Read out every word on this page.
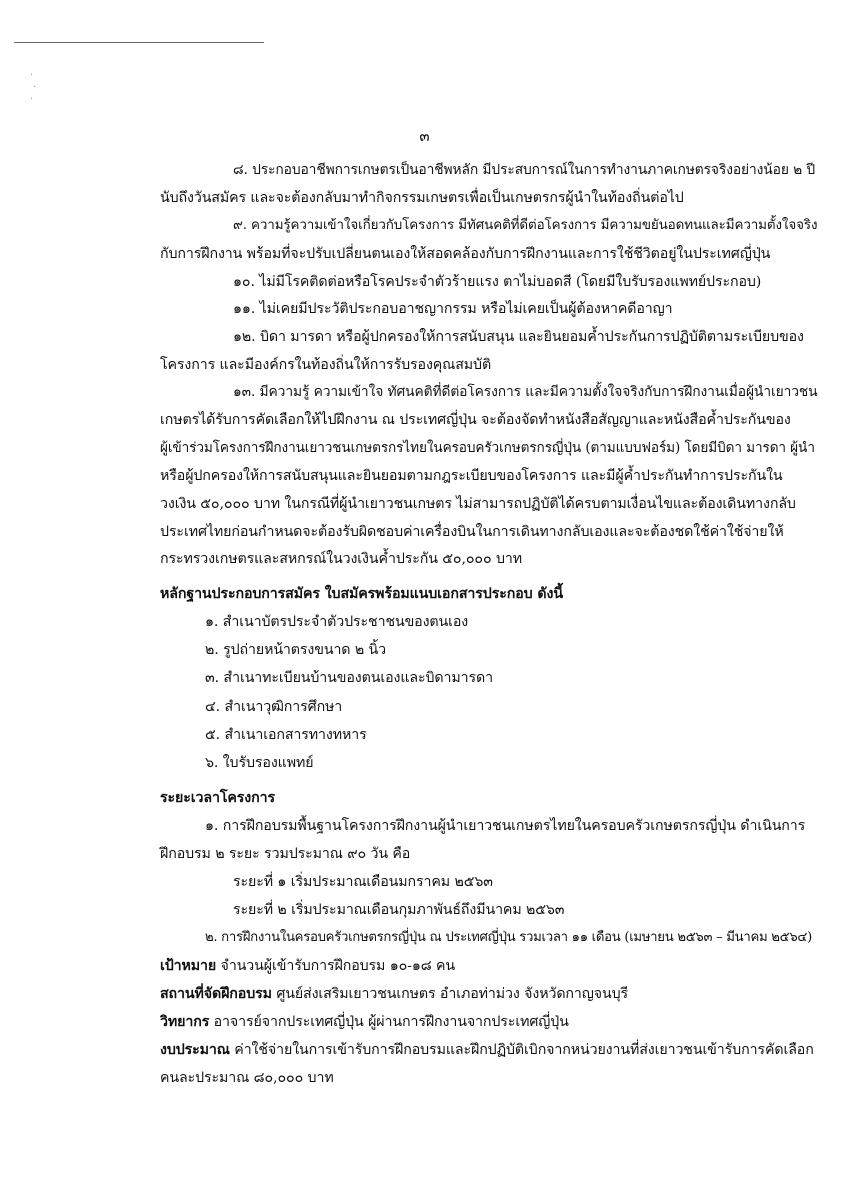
·
·
·
๓
๘. ประกอบอาชีพการเกษตรเป็นอาชีพหลัก มีประสบการณ์ในการทำงานภาคเกษตรจริงอย่างน้อย ๒ ปี
นับถึงวันสมัคร และจะต้องกลับมาทำกิจกรรมเกษตรเพื่อเป็นเกษตรกรผู้นำในท้องถิ่นต่อไป
๙. ความรู้ความเข้าใจเกี่ยวกับโครงการ มีทัศนคติที่ดีต่อโครงการ มีความขยันอดทนและมีความตั้งใจจริง
กับการฝึกงาน พร้อมที่จะปรับเปลี่ยนตนเองให้สอดคล้องกับการฝึกงานและการใช้ชีวิตอยู่ในประเทศญี่ปุ่น
๑๐. ไม่มีโรคติดต่อหรือโรคประจำตัวร้ายแรง ตาไม่บอดสี (โดยมีใบรับรองแพทย์ประกอบ)
๑๑. ไม่เคยมีประวัติประกอบอาชญากรรม หรือไม่เคยเป็นผู้ต้องหาคดีอาญา
๑๒. บิดา มารดา หรือผู้ปกครองให้การสนับสนุน และยินยอมค้ำประกันการปฏิบัติตามระเบียบของ
โครงการ และมีองค์กรในท้องถิ่นให้การรับรองคุณสมบัติ
๑๓. มีความรู้ ความเข้าใจ ทัศนคติที่ดีต่อโครงการ และมีความตั้งใจจริงกับการฝึกงานเมื่อผู้นำเยาวชน
เกษตรได้รับการคัดเลือกให้ไปฝึกงาน ณ ประเทศญี่ปุ่น จะต้องจัดทำหนังสือสัญญาและหนังสือค้ำประกันของ
ผู้เข้าร่วมโครงการฝึกงานเยาวชนเกษตรกรไทยในครอบครัวเกษตรกรญี่ปุ่น (ตามแบบฟอร์ม) โดยมีบิดา มารดา ผู้นำ
หรือผู้ปกครองให้การสนับสนุนและยินยอมตามกฎระเบียบของโครงการ และมีผู้ค้ำประกันทำการประกันใน
วงเงิน ๕๐,๐๐๐ บาท ในกรณีที่ผู้นำเยาวชนเกษตร ไม่สามารถปฏิบัติได้ครบตามเงื่อนไขและต้องเดินทางกลับ
ประเทศไทยก่อนกำหนดจะต้องรับผิดชอบค่าเครื่องบินในการเดินทางกลับเองและจะต้องชดใช้ค่าใช้จ่ายให้
กระทรวงเกษตรและสหกรณ์ในวงเงินค้ำประกัน ๕๐,๐๐๐ บาท
หลักฐานประกอบการสมัคร ใบสมัครพร้อมแนบเอกสารประกอบ ดังนี้
๑. สำเนาบัตรประจำตัวประชาชนของตนเอง
๒. รูปถ่ายหน้าตรงขนาด ๒ นิ้ว
๓. สำเนาทะเบียนบ้านของตนเองและบิดามารดา
๔. สำเนาวุฒิการศึกษา
๕. สำเนาเอกสารทางทหาร
๖. ใบรับรองแพทย์
ระยะเวลาโครงการ
๑. การฝึกอบรมพื้นฐานโครงการฝึกงานผู้นำเยาวชนเกษตรไทยในครอบครัวเกษตรกรญี่ปุ่น ดำเนินการ
ฝึกอบรม ๒ ระยะ รวมประมาณ ๙๐ วัน คือ
ระยะที่ ๑ เริ่มประมาณเดือนมกราคม ๒๕๖๓
ระยะที่ ๒ เริ่มประมาณเดือนกุมภาพันธ์ถึงมีนาคม ๒๕๖๓
๒. การฝึกงานในครอบครัวเกษตรกรญี่ปุ่น ณ ประเทศญี่ปุ่น รวมเวลา ๑๑ เดือน (เมษายน ๒๕๖๓ – มีนาคม ๒๕๖๔)
เป้าหมาย จำนวนผู้เข้ารับการฝึกอบรม ๑๐-๑๘ คน
สถานที่จัดฝึกอบรม ศูนย์ส่งเสริมเยาวชนเกษตร อำเภอท่าม่วง จังหวัดกาญจนบุรี
วิทยากร อาจารย์จากประเทศญี่ปุ่น ผู้ผ่านการฝึกงานจากประเทศญี่ปุ่น
งบประมาณ ค่าใช้จ่ายในการเข้ารับการฝึกอบรมและฝึกปฏิบัติเบิกจากหน่วยงานที่ส่งเยาวชนเข้ารับการคัดเลือก
คนละประมาณ ๘๐,๐๐๐ บาท
